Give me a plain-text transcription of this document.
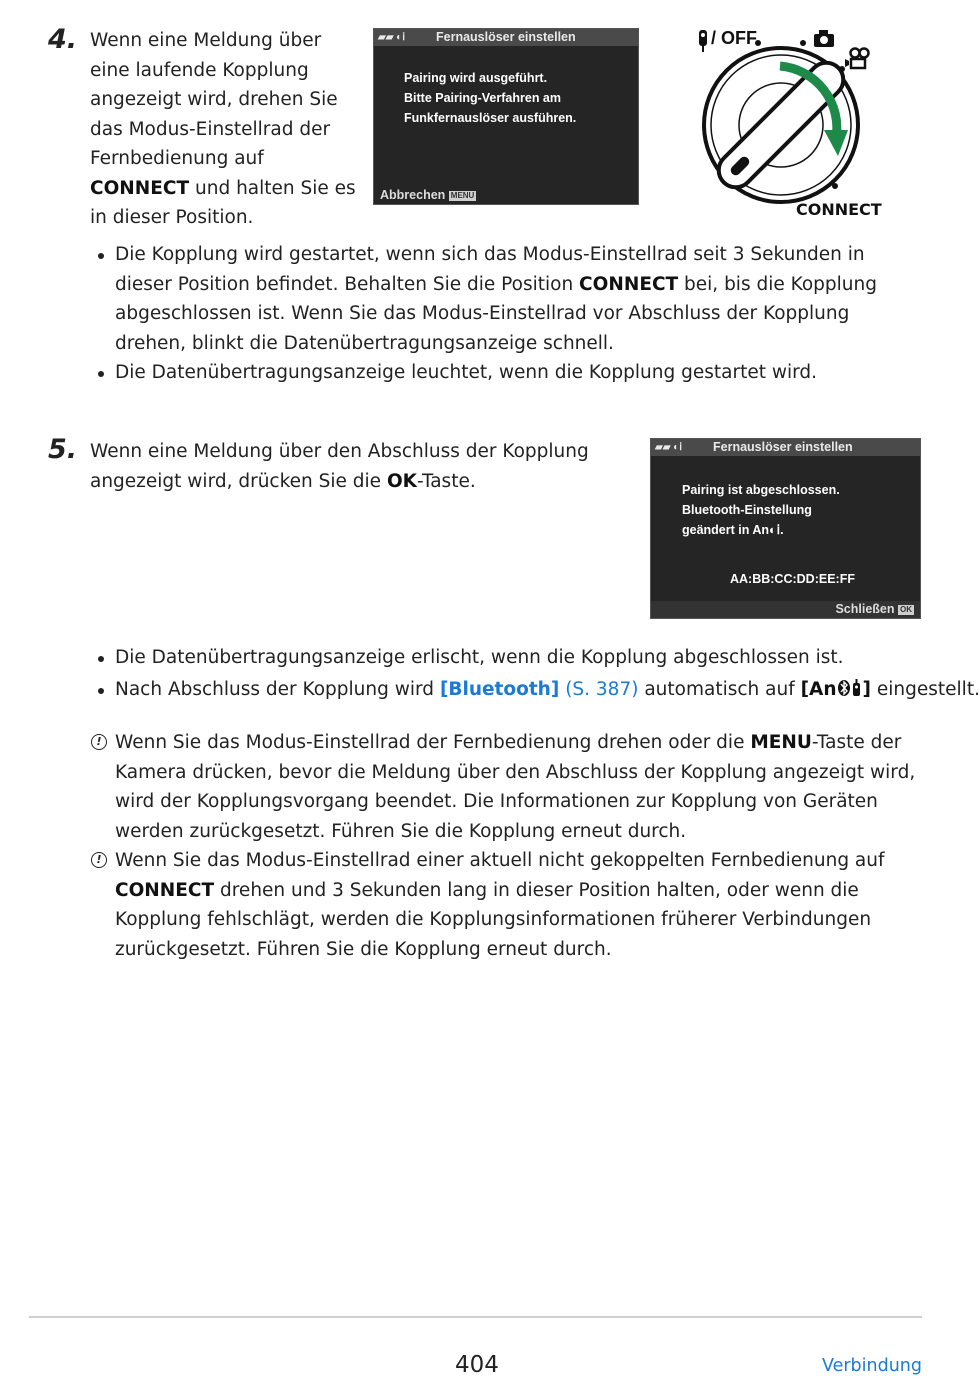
4. Wenn eine Meldung über eine laufende Kopplung angezeigt wird, drehen Sie das Modus-Einstellrad der Fernbedienung auf CONNECT und halten Sie es in dieser Position.
▰▰ ◐ⅰ Fernauslöser einstellen
Pairing wird ausgeführt.
Bitte Pairing-Verfahren am
Funkfernauslöser ausführen.
Abbrechen MENU
/ OFF
CONNECT
Die Kopplung wird gestartet, wenn sich das Modus-Einstellrad seit 3 Sekunden in dieser Position befindet. Behalten Sie die Position CONNECT bei, bis die Kopplung abgeschlossen ist. Wenn Sie das Modus-Einstellrad vor Abschluss der Kopplung drehen, blinkt die Datenübertragungsanzeige schnell.
Die Datenübertragungsanzeige leuchtet, wenn die Kopplung gestartet wird.
5. Wenn eine Meldung über den Abschluss der Kopplung angezeigt wird, drücken Sie die OK-Taste.
▰▰ ◐ⅰ Fernauslöser einstellen
Pairing ist abgeschlossen.
Bluetooth-Einstellung
geändert in An◐ⅰ.
AA:BB:CC:DD:EE:FF
Schließen OK
Die Datenübertragungsanzeige erlischt, wenn die Kopplung abgeschlossen ist.
Nach Abschluss der Kopplung wird [Bluetooth] (S. 387) automatisch auf [An ] eingestellt.
! Wenn Sie das Modus-Einstellrad der Fernbedienung drehen oder die MENU-Taste der Kamera drücken, bevor die Meldung über den Abschluss der Kopplung angezeigt wird, wird der Kopplungsvorgang beendet. Die Informationen zur Kopplung von Geräten werden zurückgesetzt. Führen Sie die Kopplung erneut durch.
! Wenn Sie das Modus-Einstellrad einer aktuell nicht gekoppelten Fernbedienung auf CONNECT drehen und 3 Sekunden lang in dieser Position halten, oder wenn die Kopplung fehlschlägt, werden die Kopplungsinformationen früherer Verbindungen zurückgesetzt. Führen Sie die Kopplung erneut durch.
404	Verbindung
